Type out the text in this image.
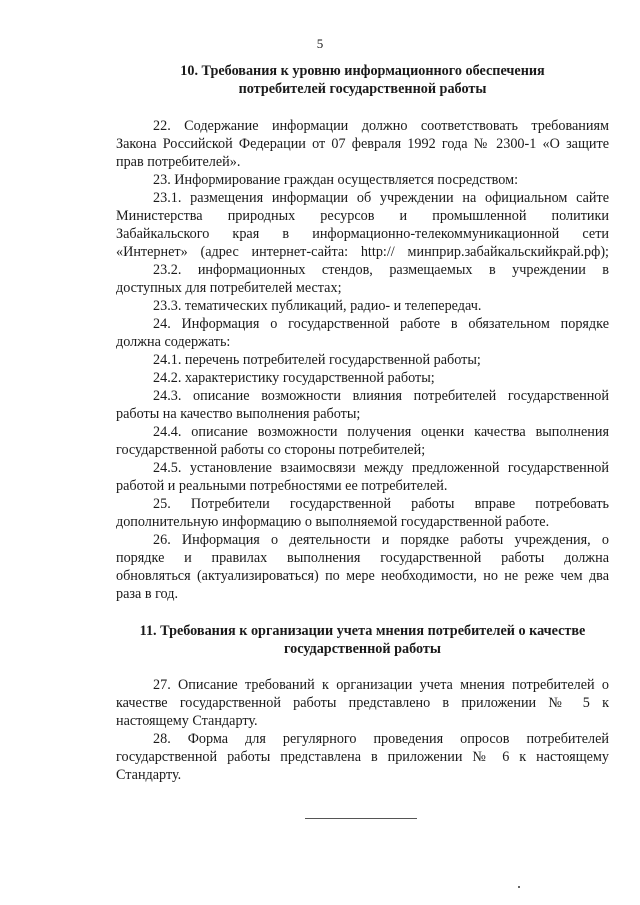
5
10. Требования к уровню информационного обеспечения
потребителей государственной работы
22. Содержание информации должно соответствовать требованиям
Закона Российской Федерации от 07 февраля 1992 года № 2300-1 «О защите
прав потребителей».
23. Информирование граждан осуществляется посредством:
23.1. размещения информации об учреждении на официальном сайте
Министерства природных ресурсов и промышленной политики
Забайкальского края в информационно-телекоммуникационной сети
«Интернет» (адрес интернет-сайта: http:// минприр.забайкальскийкрай.рф);
23.2. информационных стендов, размещаемых в учреждении в
доступных для потребителей местах;
23.3. тематических публикаций, радио- и телепередач.
24. Информация о государственной работе в обязательном порядке
должна содержать:
24.1. перечень потребителей государственной работы;
24.2. характеристику государственной работы;
24.3. описание возможности влияния потребителей государственной
работы на качество выполнения работы;
24.4. описание возможности получения оценки качества выполнения
государственной работы со стороны потребителей;
24.5. установление взаимосвязи между предложенной государственной
работой и реальными потребностями ее потребителей.
25. Потребители государственной работы вправе потребовать
дополнительную информацию о выполняемой государственной работе.
26. Информация о деятельности и порядке работы учреждения, о
порядке и правилах выполнения государственной работы должна
обновляться (актуализироваться) по мере необходимости, но не реже чем два
раза в год.
11. Требования к организации учета мнения потребителей о качестве
государственной работы
27. Описание требований к организации учета мнения потребителей о
качестве государственной работы представлено в приложении № 5 к
настоящему Стандарту.
28. Форма для регулярного проведения опросов потребителей
государственной работы представлена в приложении № 6 к настоящему
Стандарту.
